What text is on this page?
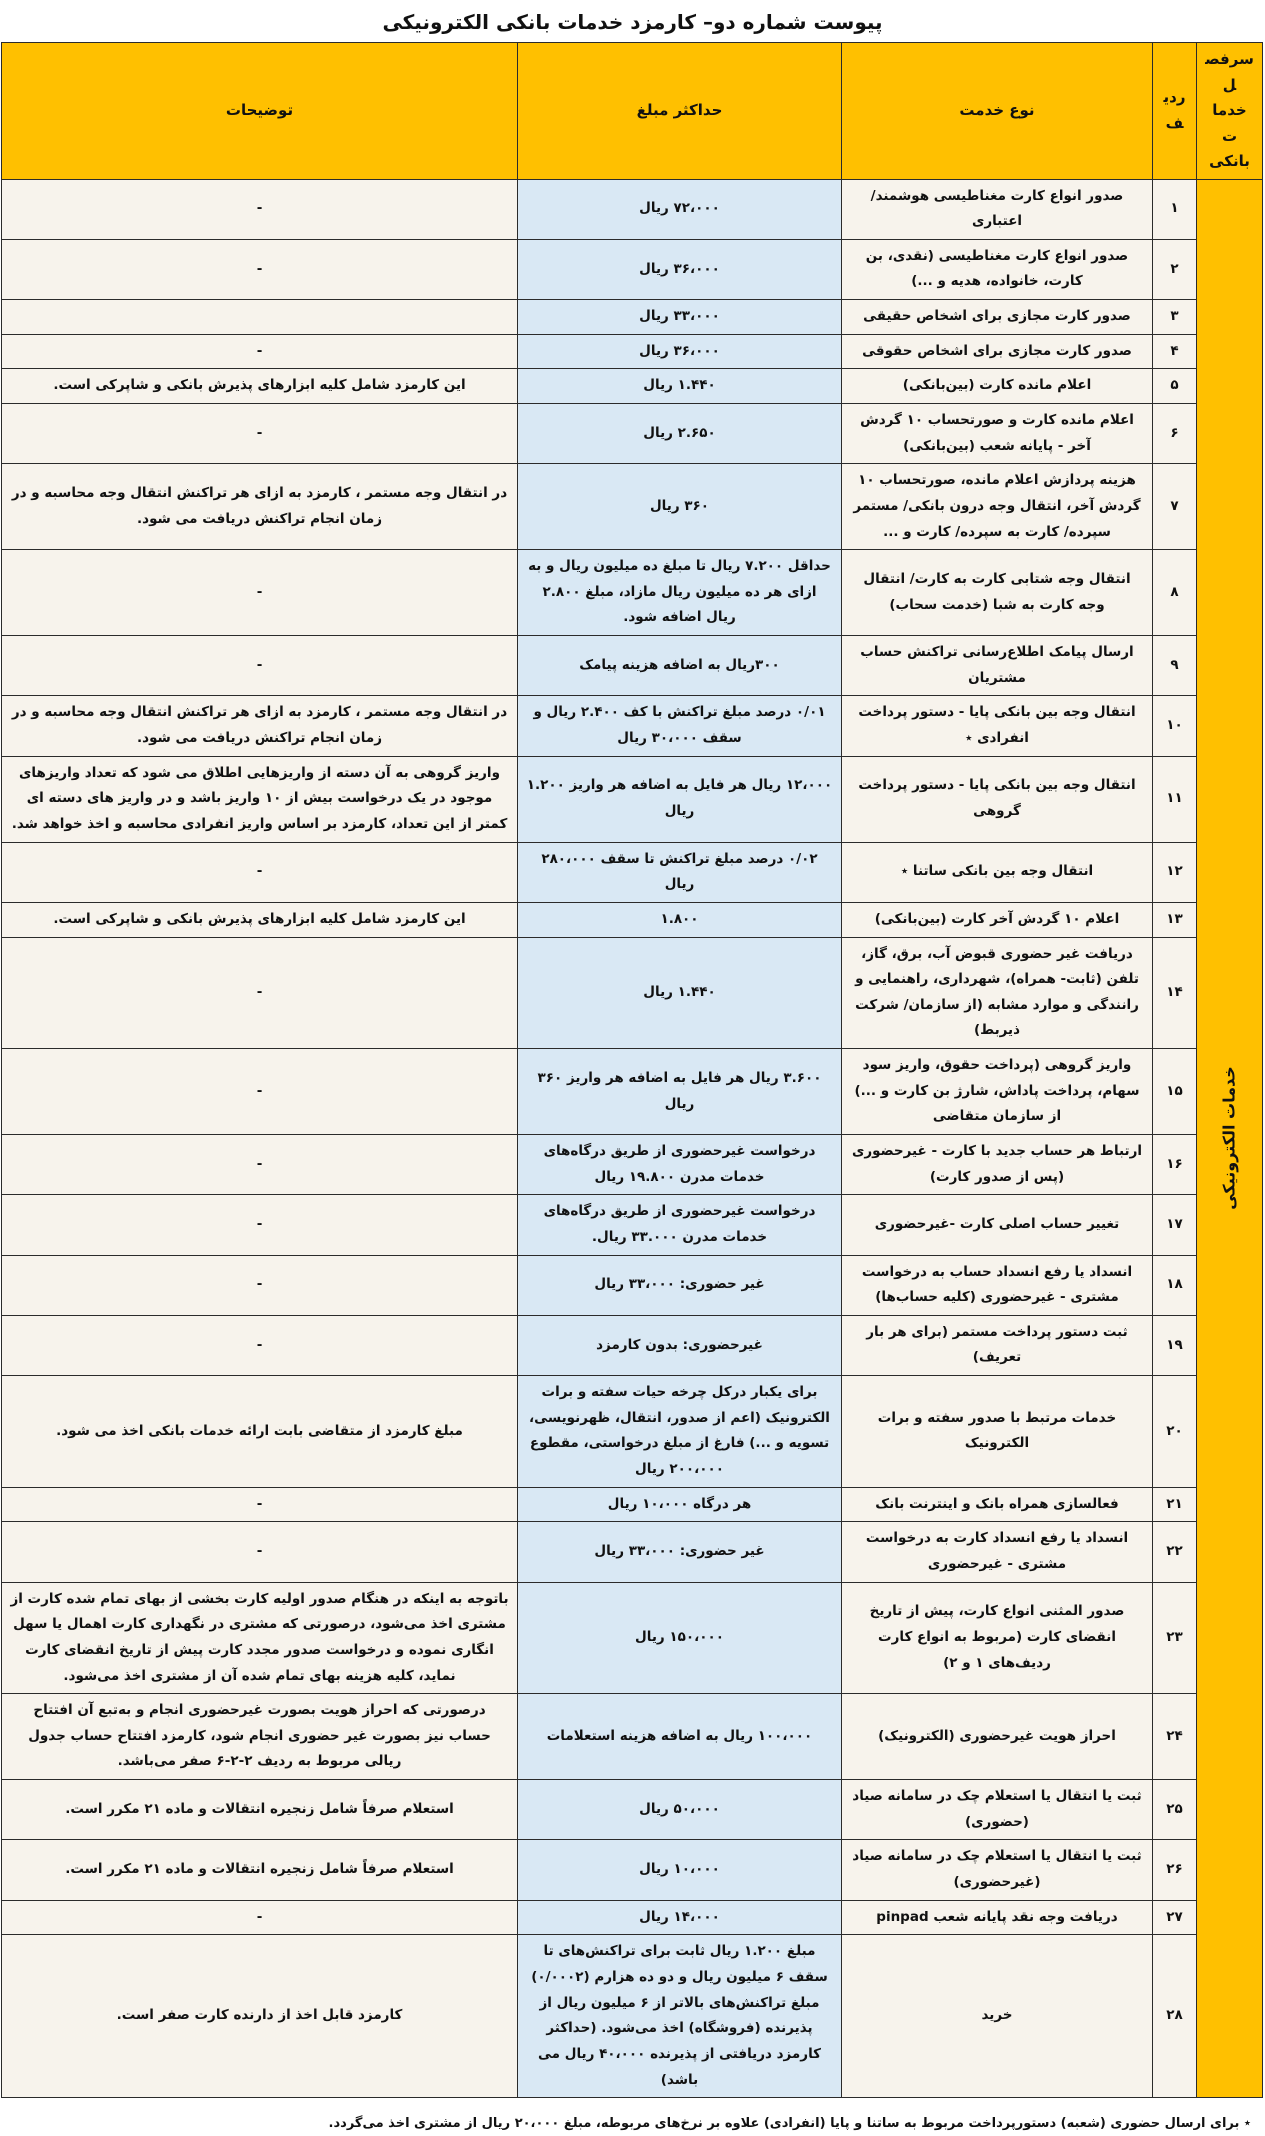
پیوست شماره دو– کارمزد خدمات بانکی الکترونیکی
سرفصل خدمات بانکی	ردیف	نوع خدمت	حداکثر مبلغ	توضیحات

خدمات الکترونیکی	۱	صدور انواع کارت مغناطیسی هوشمند/ اعتباری	۷۲،۰۰۰ ریال	-
	۲	صدور انواع کارت مغناطیسی (نقدی، بن کارت، خانواده، هدیه و ...)	۳۶،۰۰۰ ریال	-
	۳	صدور کارت مجازی برای اشخاص حقیقی	۳۳،۰۰۰ ریال	
	۴	صدور کارت مجازی برای اشخاص حقوقی	۳۶،۰۰۰ ریال	-
	۵	اعلام مانده کارت (بین‌بانکی)	۱.۴۴۰ ریال	این کارمزد شامل کلیه ابزارهای پذیرش بانکی و شاپرکی است.
	۶	اعلام مانده کارت و صورتحساب ۱۰ گردش آخر - پایانه شعب (بین‌بانکی)	۲.۶۵۰ ریال	-
	۷	هزینه پردازش اعلام مانده، صورتحساب ۱۰ گردش آخر، انتقال وجه درون بانکی/ مستمر سپرده/ کارت به سپرده/ کارت و ...	۳۶۰ ریال	در انتقال وجه مستمر ، کارمزد به ازای هر تراکنش انتقال وجه محاسبه و در زمان انجام تراکنش دریافت می شود.
	۸	انتقال وجه شتابی کارت به کارت/ انتقال وجه کارت به شبا (خدمت سحاب)	حداقل ۷.۲۰۰ ریال تا مبلغ ده میلیون ریال و به ازای هر ده میلیون ریال مازاد، مبلغ ۲.۸۰۰ ریال اضافه شود.	-
	۹	ارسال پیامک اطلاع‌رسانی تراکنش حساب مشتریان	۳۰۰ریال به اضافه هزینه پیامک	-
	۱۰	انتقال وجه بین بانکی پایا - دستور پرداخت انفرادی ٭	۰/۰۱ درصد مبلغ تراکنش با کف ۲.۴۰۰ ریال و سقف ۳۰،۰۰۰ ریال	در انتقال وجه مستمر ، کارمزد به ازای هر تراکنش انتقال وجه محاسبه و در زمان انجام تراکنش دریافت می شود.
	۱۱	انتقال وجه بین بانکی پایا - دستور پرداخت گروهی	۱۲،۰۰۰ ریال هر فایل به اضافه هر واریز ۱.۲۰۰ ریال	واریز گروهی به آن دسته از واریزهایی اطلاق می شود که تعداد واریزهای موجود در یک درخواست بیش از ۱۰ واریز باشد و در واریز های دسته ای کمتر از این تعداد، کارمزد بر اساس واریز انفرادی محاسبه و اخذ خواهد شد.
	۱۲	انتقال وجه بین بانکی ساتنا ٭	۰/۰۲ درصد مبلغ تراکنش تا سقف ۲۸۰،۰۰۰ ریال	-
	۱۳	اعلام ۱۰ گردش آخر کارت (بین‌بانکی)	۱.۸۰۰	این کارمزد شامل کلیه ابزارهای پذیرش بانکی و شاپرکی است.
	۱۴	دریافت غیر حضوری قبوض آب، برق، گاز، تلفن (ثابت- همراه)، شهرداری، راهنمایی و رانندگی و موارد مشابه (از سازمان/ شرکت ذیربط)	۱.۴۴۰ ریال	-
	۱۵	واریز گروهی (پرداخت حقوق، واریز سود سهام، پرداخت پاداش، شارژ بن کارت و ...) از سازمان متقاضی	۳.۶۰۰ ریال هر فایل به اضافه هر واریز ۳۶۰ ریال	-
	۱۶	ارتباط هر حساب جدید با کارت - غیرحضوری (پس از صدور کارت)	درخواست غیرحضوری از طریق درگاه‌های خدمات مدرن ۱۹.۸۰۰ ریال	-
	۱۷	تغییر حساب اصلی کارت -غیرحضوری	درخواست غیرحضوری از طریق درگاه‌های خدمات مدرن ۳۳.۰۰۰ ریال.	-
	۱۸	انسداد یا رفع انسداد حساب به درخواست مشتری - غیرحضوری (کلیه حساب‌ها)	غیر حضوری: ۳۳،۰۰۰ ریال	-
	۱۹	ثبت دستور پرداخت مستمر (برای هر بار تعریف)	غیرحضوری: بدون کارمزد	-
	۲۰	خدمات مرتبط با صدور سفته و برات الکترونیک	برای یکبار درکل چرخه حیات سفته و برات الکترونیک (اعم از صدور، انتقال، ظهرنویسی، تسویه و ...) فارغ از مبلغ درخواستی، مقطوع ۲۰۰،۰۰۰ ریال	مبلغ کارمزد از متقاضی بابت ارائه خدمات بانکی اخذ می شود.
	۲۱	فعالسازی همراه بانک و اینترنت بانک	هر درگاه ۱۰،۰۰۰ ریال	-
	۲۲	انسداد یا رفع انسداد کارت به درخواست مشتری - غیرحضوری	غیر حضوری: ۳۳،۰۰۰ ریال	-
	۲۳	صدور المثنی انواع کارت، پیش از تاریخ انقضای کارت (مربوط به انواع کارت ردیف‌های ۱ و ۲)	۱۵۰،۰۰۰ ریال	باتوجه به اینکه در هنگام صدور اولیه کارت بخشی از بهای تمام شده کارت از مشتری اخذ می‌شود، درصورتی که مشتری در نگهداری کارت اهمال یا سهل انگاری نموده و درخواست صدور مجدد کارت پیش از تاریخ انقضای کارت نماید، کلیه هزینه بهای تمام شده آن از مشتری اخذ می‌شود.
	۲۴	احراز هویت غیرحضوری (الکترونیک)	۱۰۰،۰۰۰ ریال به اضافه هزینه استعلامات	درصورتی که احراز هویت بصورت غیرحضوری انجام و به‌تبع آن افتتاح حساب نیز بصورت غیر حضوری انجام شود، کارمزد افتتاح حساب جدول ریالی مربوط به ردیف ۲-۲-۶ صفر می‌باشد.
	۲۵	ثبت یا انتقال یا استعلام چک در سامانه صیاد (حضوری)	۵۰،۰۰۰ ریال	استعلام صرفاً شامل زنجیره انتقالات و ماده ۲۱ مکرر است.
	۲۶	ثبت یا انتقال یا استعلام چک در سامانه صیاد (غیرحضوری)	۱۰،۰۰۰ ریال	استعلام صرفاً شامل زنجیره انتقالات و ماده ۲۱ مکرر است.
	۲۷	دریافت وجه نقد پایانه شعب pinpad	۱۴،۰۰۰ ریال	-
	۲۸	خرید	مبلغ ۱.۲۰۰ ریال ثابت برای تراکنش‌های تا سقف ۶ میلیون ریال و دو ده هزارم (۰/۰۰۰۲) مبلغ تراکنش‌های بالاتر از ۶ میلیون ریال از پذیرنده (فروشگاه) اخذ می‌شود. (حداکثر کارمزد دریافتی از پذیرنده ۴۰،۰۰۰ ریال می باشد)	کارمزد قابل اخذ از دارنده کارت صفر است.
٭ برای ارسال حضوری (شعبه) دستورپرداخت مربوط به ساتنا و پایا (انفرادی) علاوه بر نرخ‌های مربوطه، مبلغ ۲۰،۰۰۰ ریال از مشتری اخذ می‌گردد.
